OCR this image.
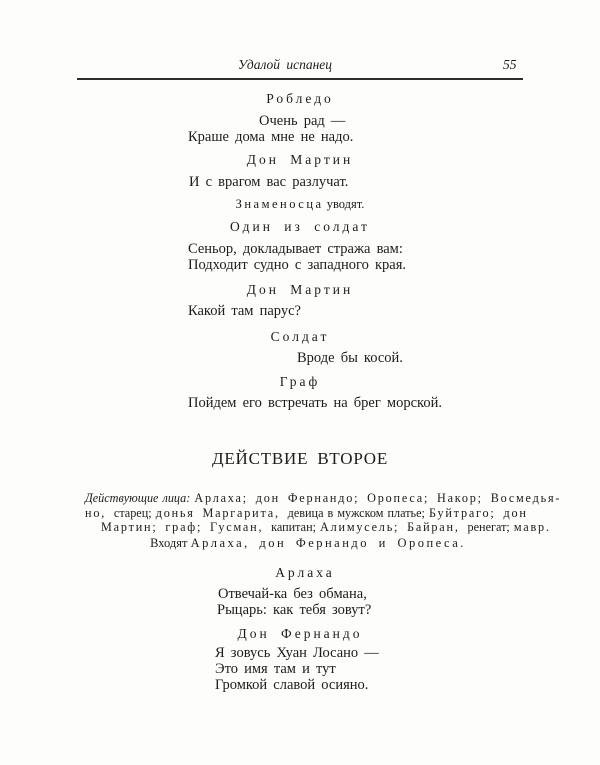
Удалой испанец	55
Робледо
Очень рад —
Краше дома мне не надо.
Дон Мартин
И с врагом вас разлучат.
Знаменосца уводят.
Один из солдат
Сеньор, докладывает стража вам:
Подходит судно с западного края.
Дон Мартин
Какой там парус?
Солдат
Вроде бы косой.
Граф
Пойдем его встречать на брег морской.
ДЕЙСТВИЕ ВТОРОЕ
Действующие лица: Арлаха; дон Фернандо; Оропеса; Накор; Восмедья-
но, старец; донья Маргарита, девица в мужском платье; Буйтраго; дон
Мартин; граф; Гусман, капитан; Алимусель; Байран, ренегат; мавр.
Входят Арлаха, дон Фернандо и Оропеса.
Арлаха
Отвечай-ка без обмана,
Рыцарь: как тебя зовут?
Дон Фернандо
Я зовусь Хуан Лосано —
Это имя там и тут
Громкой славой осияно.
